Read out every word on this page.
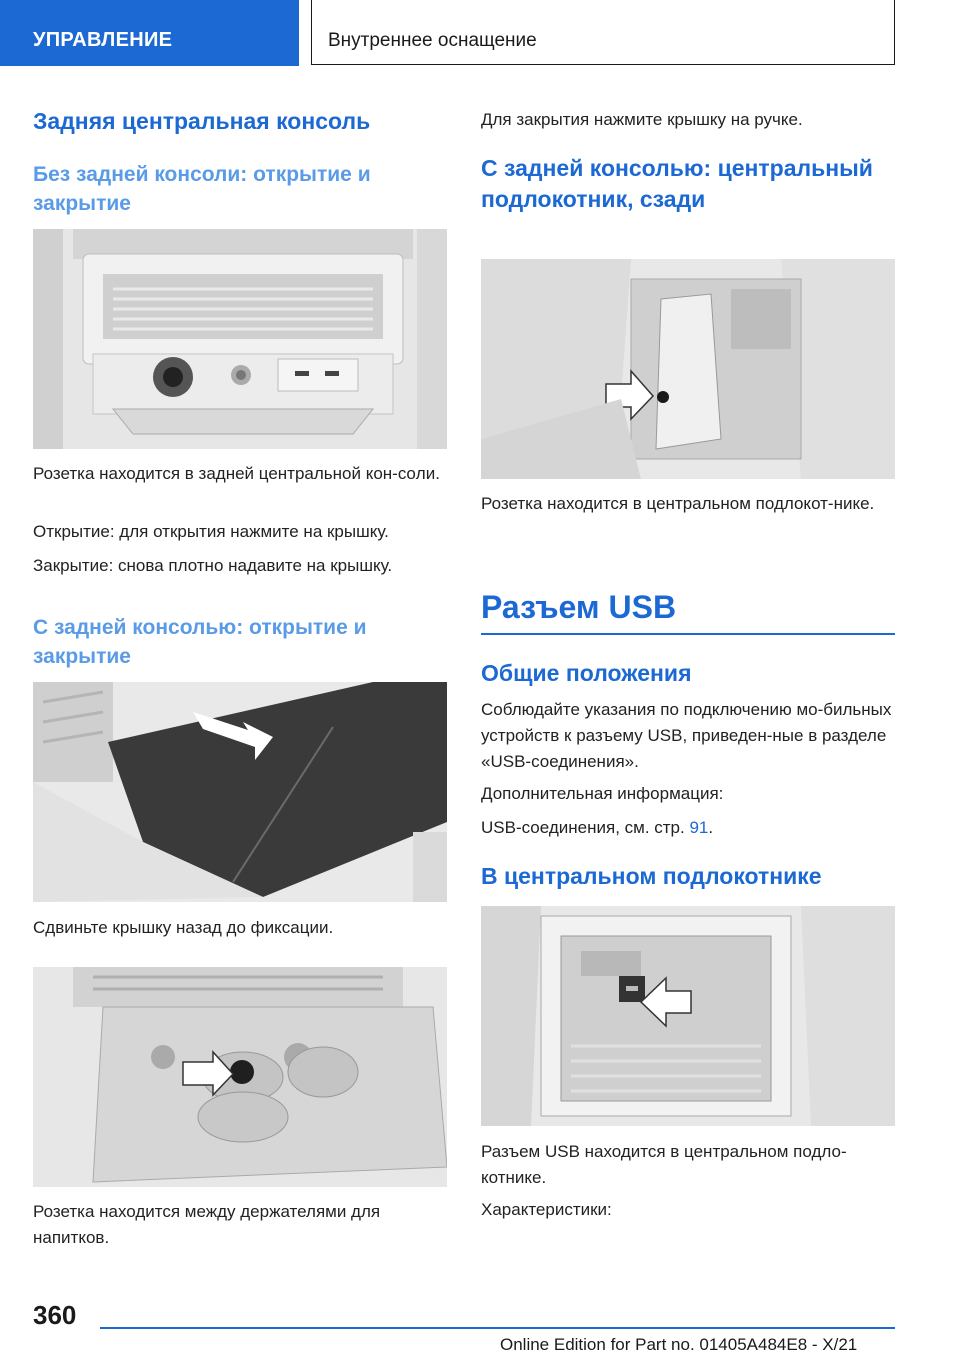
УПРАВЛЕНИЕ	Внутреннее оснащение
Задняя центральная консоль
Без задней консоли: открытие и закрытие
Розетка находится в задней центральной кон-сoли.
Открытие: для открытия нажмите на крышку.
Закрытие: снова плотно надавите на крышку.
С задней консолью: открытие и закрытие
Сдвиньте крышку назад до фиксации.
Розетка находится между держателями для напитков.
Для закрытия нажмите крышку на ручке.
С задней консолью: центральный подлокотник, сзади
Розетка находится в центральном подлокот-нике.
Разъем USB
Общие положения
Соблюдайте указания по подключению мо-бильных устройств к разъему USB, приведен-ные в разделе «USB-соединения».
Дополнительная информация:
USB-соединения, см. стр. 91.
В центральном подлокотнике
Разъем USB находится в центральном подло-котнике.
Характеристики:
360
Online Edition for Part no. 01405A484E8 - X/21
